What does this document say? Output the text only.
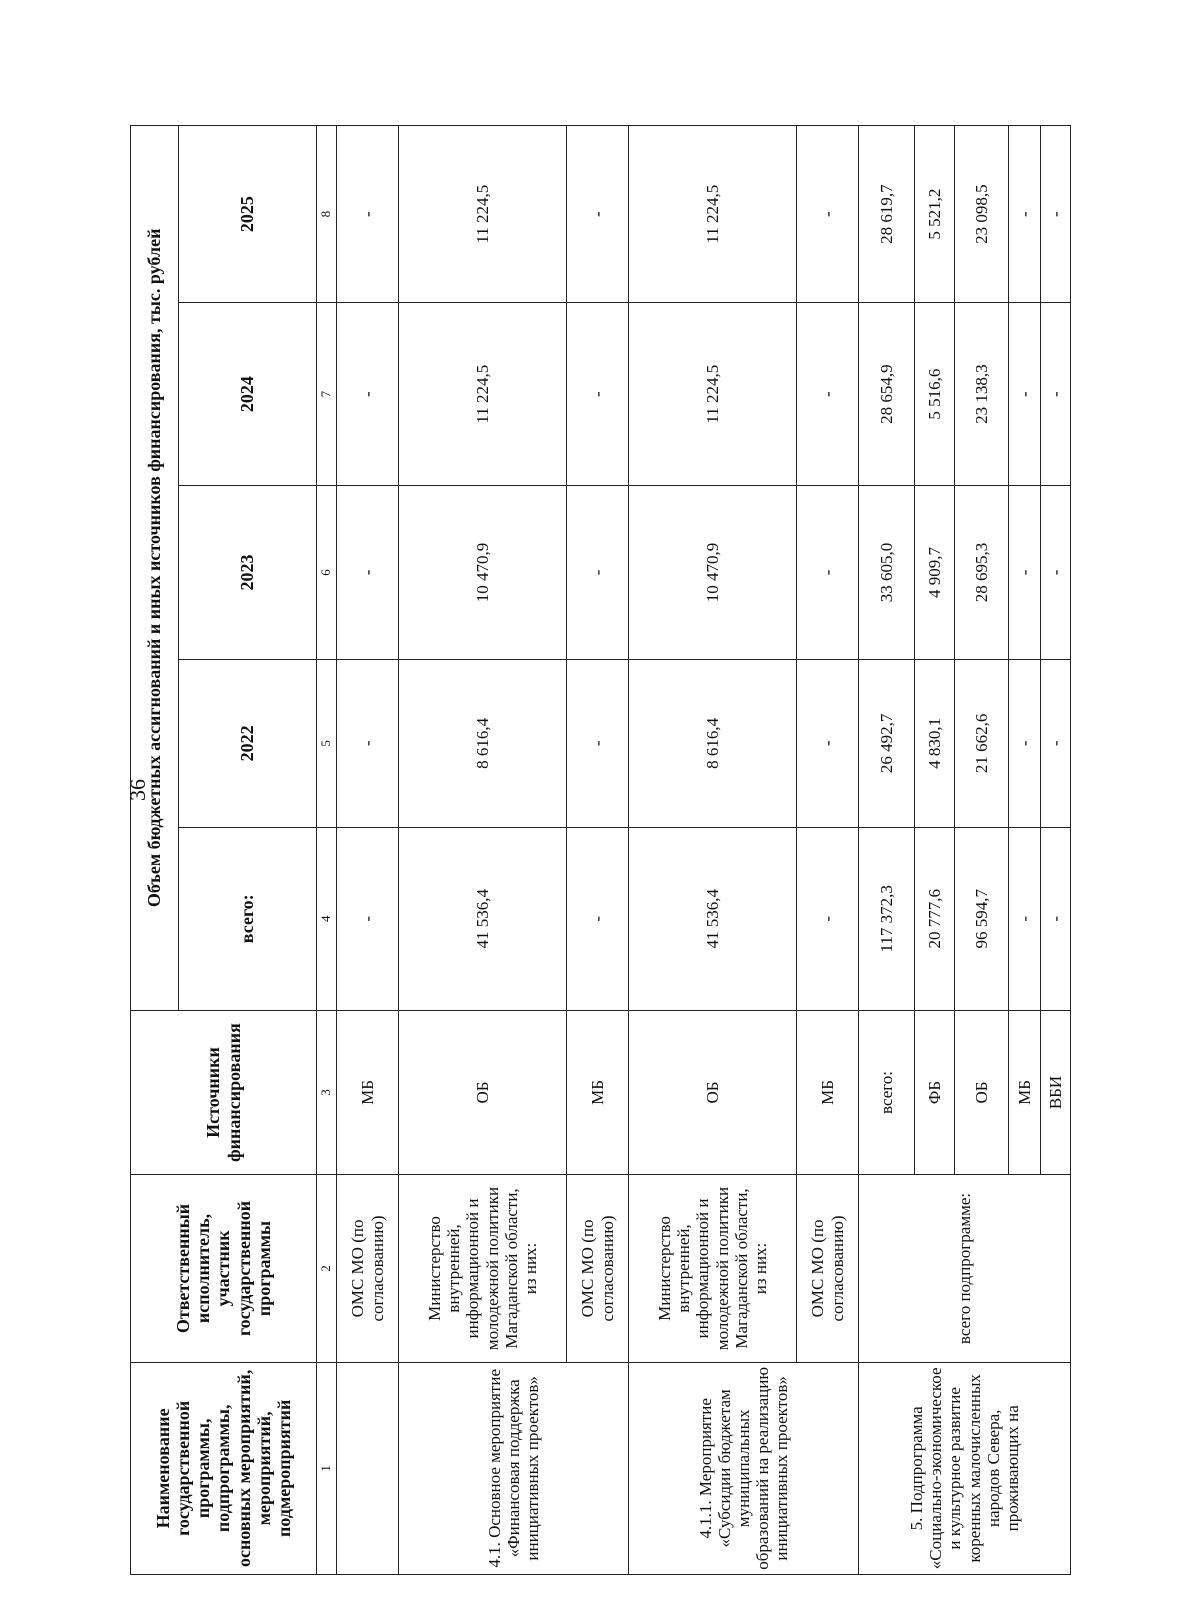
36
Наименование государственной программы, подпрограммы, основных мероприятий, мероприятий, подмероприятий	Ответственный исполнитель, участник государственной программы	Источники финансирования	Объем бюджетных ассигнований и иных источников финансирования, тыс. рублей				
			всего:	2022	2023	2024	2025
1	2	3	4	5	6	7	8
	ОМС МО (по согласованию)	МБ	-	-	-	-	-
4.1. Основное мероприятие «Финансовая поддержка инициативных проектов»	Министерство внутренней, информационной и молодежной политики Магаданской области, из них:	ОБ	41 536,4	8 616,4	10 470,9	11 224,5	11 224,5
	ОМС МО (по согласованию)	МБ	-	-	-	-	-
4.1.1. Мероприятие «Субсидии бюджетам муниципальных образований на реализацию инициативных проектов»	Министерство внутренней, информационной и молодежной политики Магаданской области, из них:	ОБ	41 536,4	8 616,4	10 470,9	11 224,5	11 224,5
	ОМС МО (по согласованию)	МБ	-	-	-	-	-
5. Подпрограмма «Социально-экономическое и культурное развитие коренных малочисленных народов Севера, проживающих на	всего подпрограмме:	всего:	117 372,3	26 492,7	33 605,0	28 654,9	28 619,7
		ФБ	20 777,6	4 830,1	4 909,7	5 516,6	5 521,2
		ОБ	96 594,7	21 662,6	28 695,3	23 138,3	23 098,5
		МБ	-	-	-	-	-
		ВБИ	-	-	-	-	-
